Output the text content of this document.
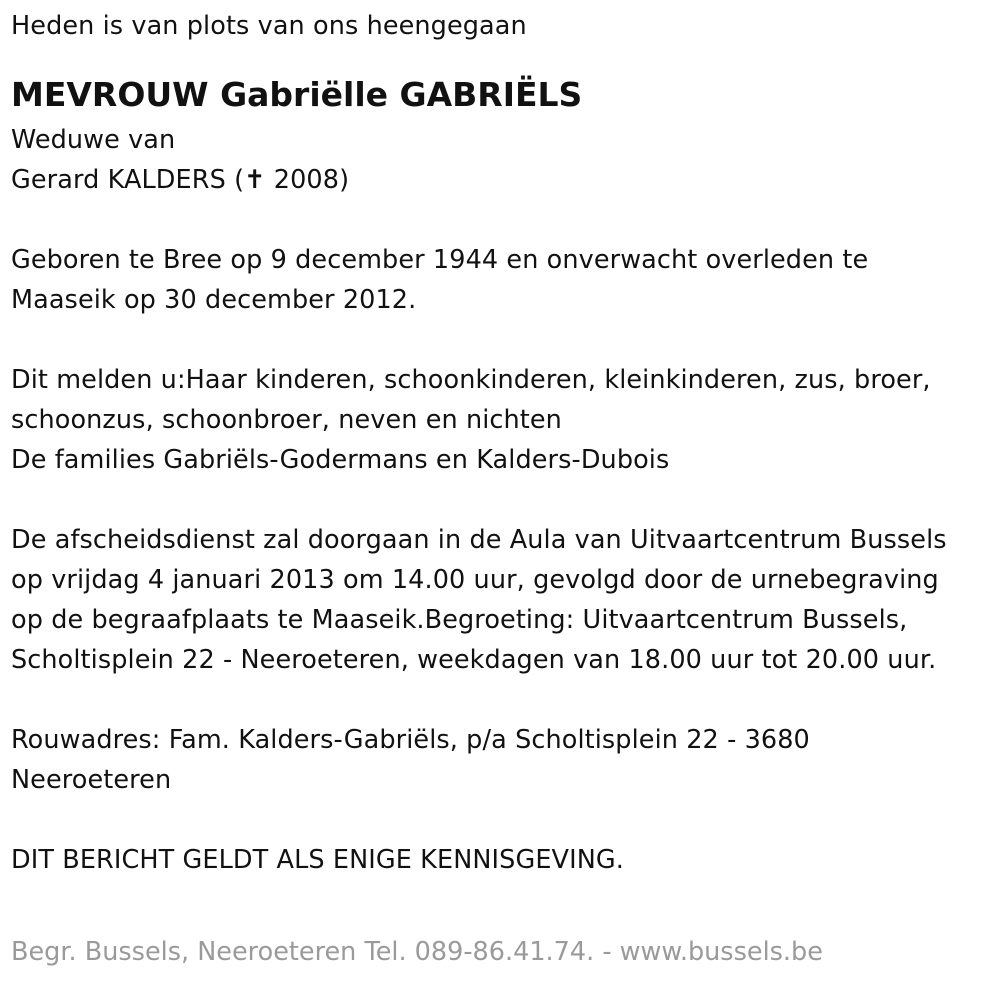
Heden is van plots van ons heengegaan
MEVROUW Gabriëlle GABRIËLS
Weduwe van
Gerard KALDERS (✝ 2008)
Geboren te Bree op 9 december 1944 en onverwacht overleden te
Maaseik op 30 december 2012.
Dit melden u:Haar kinderen, schoonkinderen, kleinkinderen, zus, broer,
schoonzus, schoonbroer, neven en nichten
De families Gabriëls-Godermans en Kalders-Dubois
De afscheidsdienst zal doorgaan in de Aula van Uitvaartcentrum Bussels
op vrijdag 4 januari 2013 om 14.00 uur, gevolgd door de urnebegraving
op de begraafplaats te Maaseik.Begroeting: Uitvaartcentrum Bussels,
Scholtisplein 22 - Neeroeteren, weekdagen van 18.00 uur tot 20.00 uur.
Rouwadres: Fam. Kalders-Gabriëls, p/a Scholtisplein 22 - 3680
Neeroeteren
DIT BERICHT GELDT ALS ENIGE KENNISGEVING.
Begr. Bussels, Neeroeteren Tel. 089-86.41.74. - www.bussels.be
